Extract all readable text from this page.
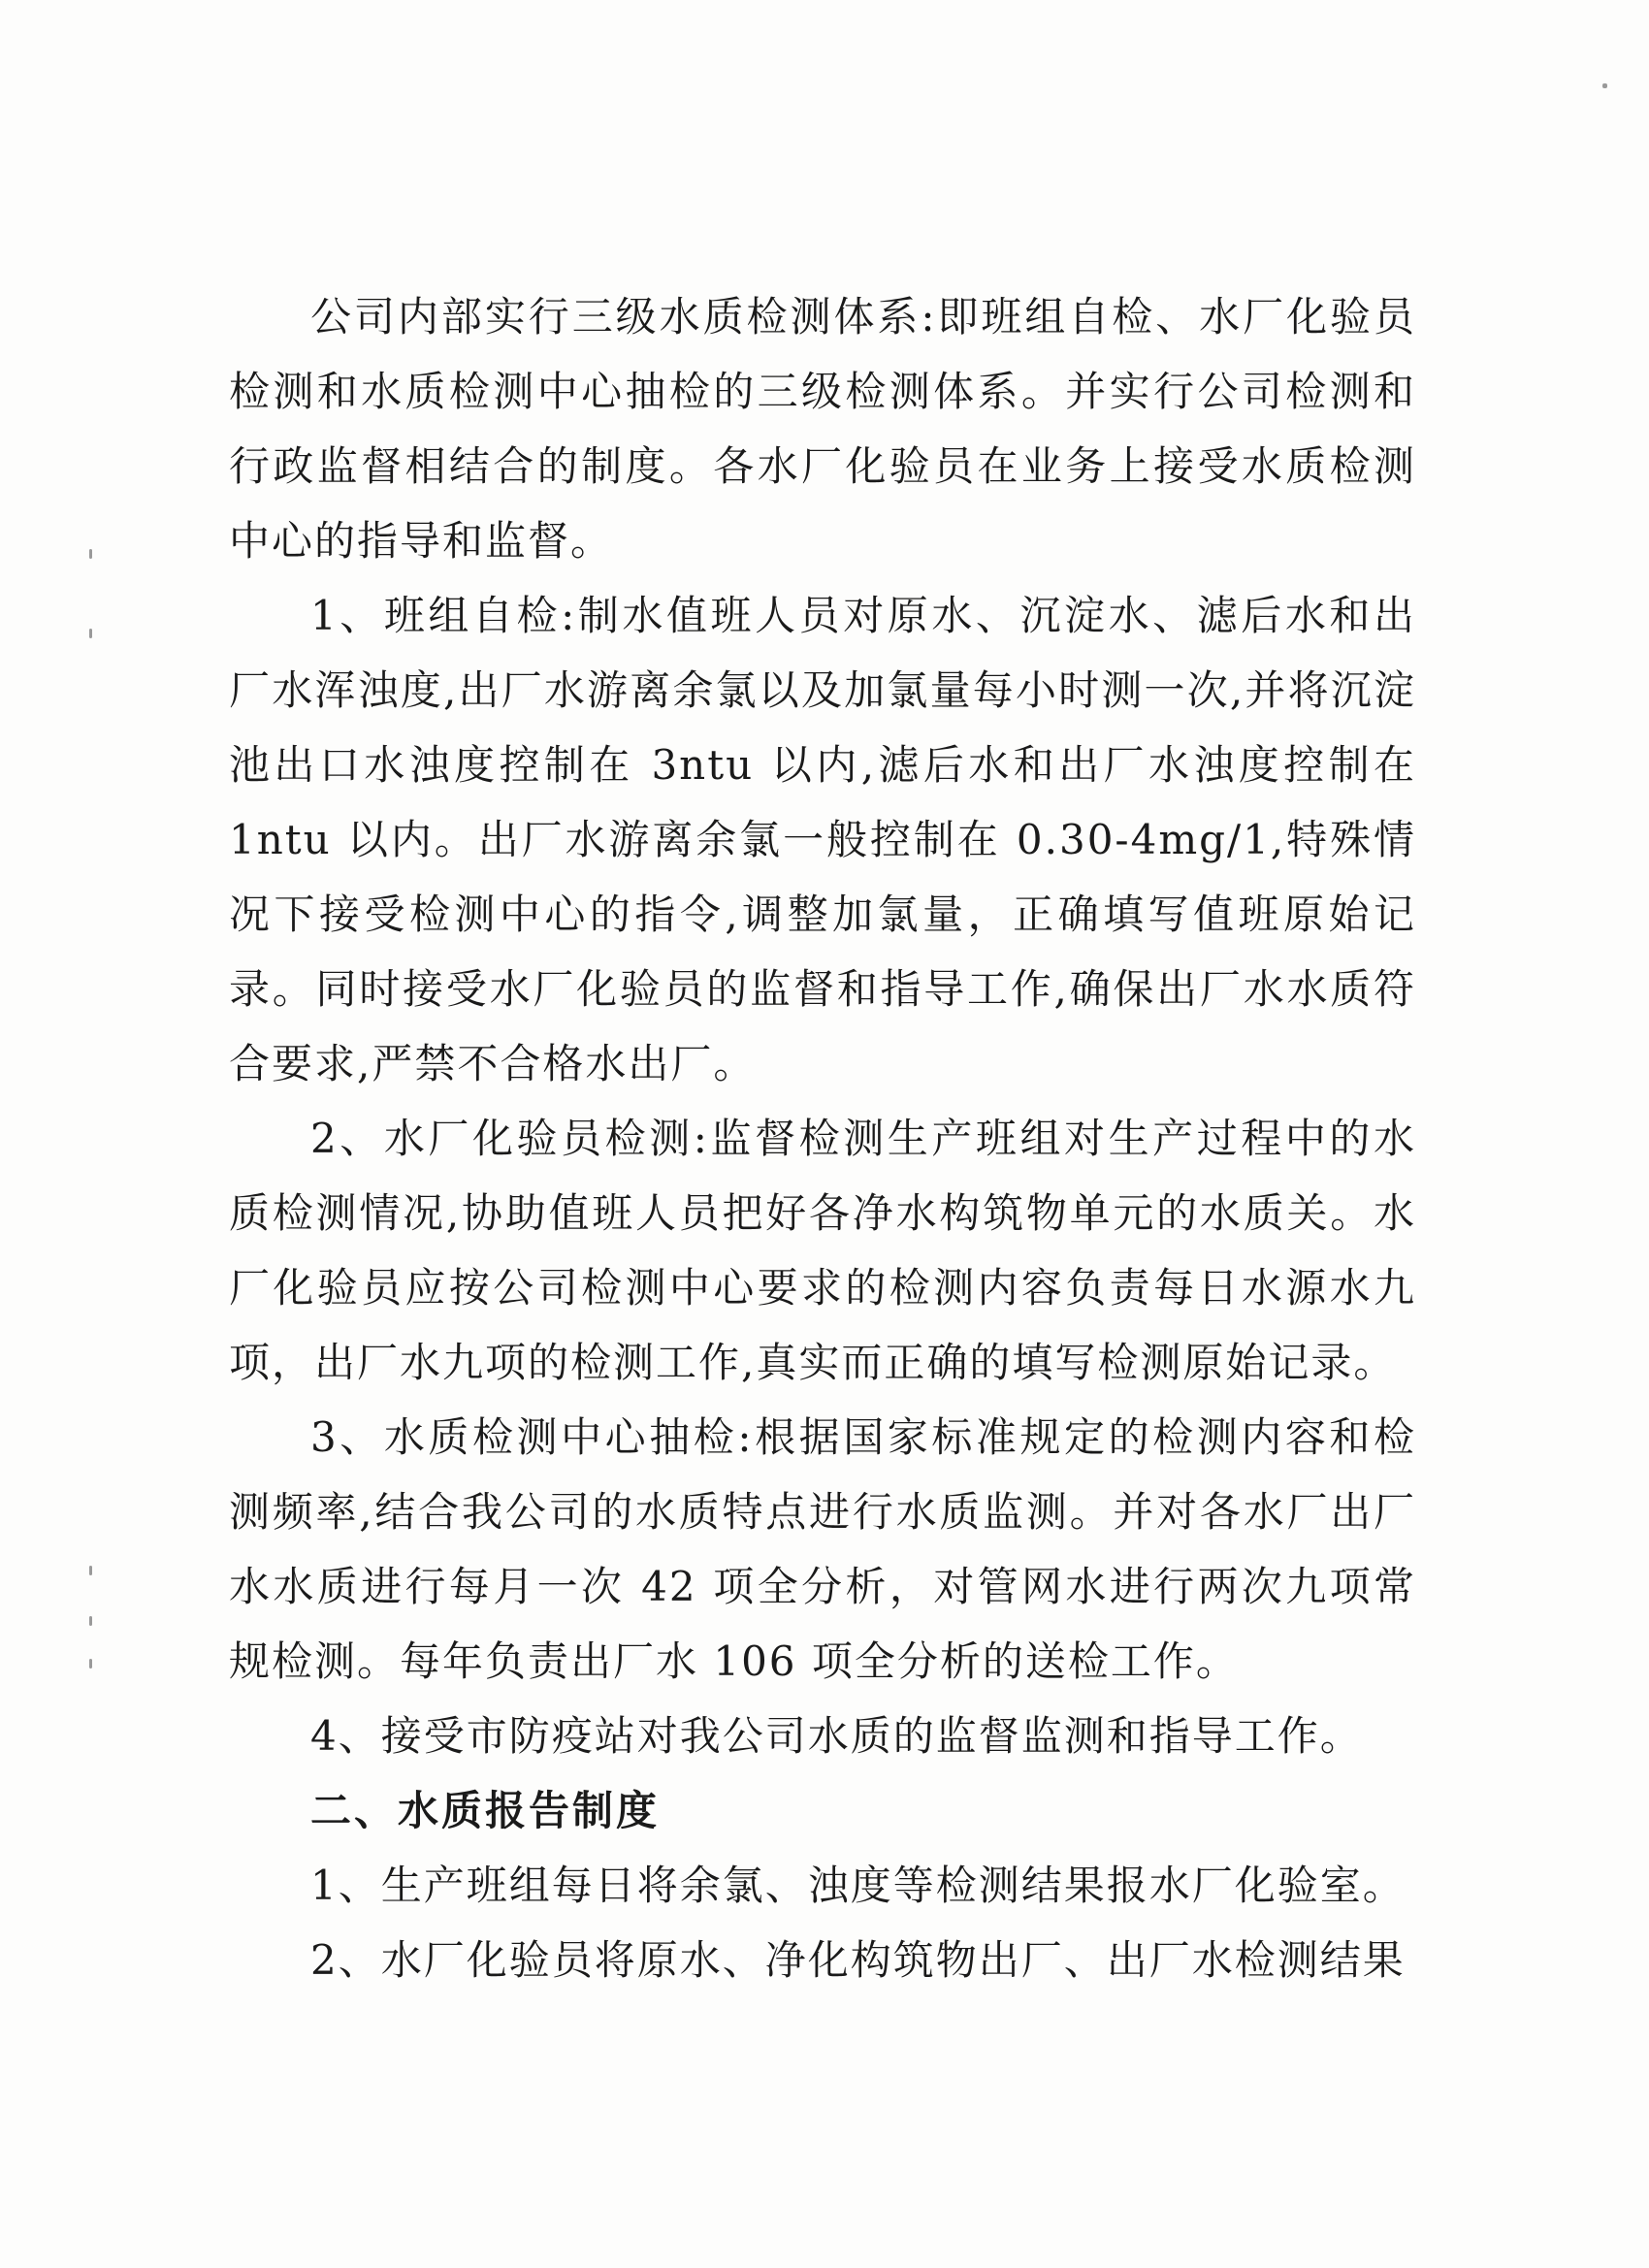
公司内部实行三级水质检测体系:即班组自检、水厂化验员检测和水质检测中心抽检的三级检测体系。并实行公司检测和行政监督相结合的制度。各水厂化验员在业务上接受水质检测中心的指导和监督。

1、班组自检:制水值班人员对原水、沉淀水、滤后水和出厂水浑浊度,出厂水游离余氯以及加氯量每小时测一次,并将沉淀池出口水浊度控制在 3ntu 以内,滤后水和出厂水浊度控制在 1ntu 以内。出厂水游离余氯一般控制在 0.30-4mg/1,特殊情况下接受检测中心的指令,调整加氯量，正确填写值班原始记录。同时接受水厂化验员的监督和指导工作,确保出厂水水质符合要求,严禁不合格水出厂。

2、水厂化验员检测:监督检测生产班组对生产过程中的水质检测情况,协助值班人员把好各净水构筑物单元的水质关。水厂化验员应按公司检测中心要求的检测内容负责每日水源水九项，出厂水九项的检测工作,真实而正确的填写检测原始记录。

3、水质检测中心抽检:根据国家标准规定的检测内容和检测频率,结合我公司的水质特点进行水质监测。并对各水厂出厂水水质进行每月一次 42 项全分析，对管网水进行两次九项常规检测。每年负责出厂水 106 项全分析的送检工作。

4、接受市防疫站对我公司水质的监督监测和指导工作。

二、水质报告制度

1、生产班组每日将余氯、浊度等检测结果报水厂化验室。

2、水厂化验员将原水、净化构筑物出厂、出厂水检测结果
